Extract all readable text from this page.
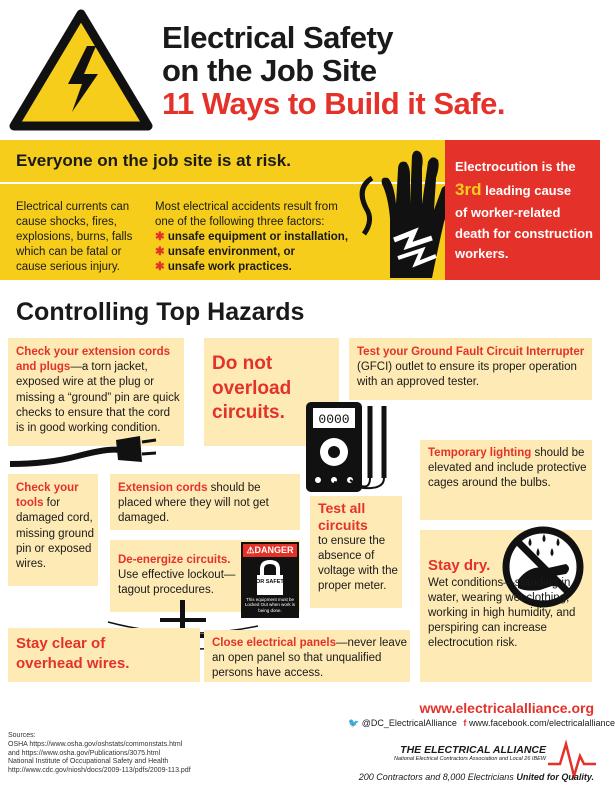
Electrical Safety
on the Job Site
11 Ways to Build it Safe.
Everyone on the job site is at risk.
Electrical currents can cause shocks, fires, explosions, burns, falls which can be fatal or cause serious injury.
Most electrical accidents result from one of the following three factors:
✱ unsafe equipment or installation,
✱ unsafe environment, or
✱ unsafe work practices.
Electrocution is the
3rd leading cause
of worker-related
death for construction
workers.
Controlling Top Hazards
Check your extension cords and plugs—a torn jacket, exposed wire at the plug or missing a “ground” pin are quick checks to ensure that the cord is in good working condition.
Do not overload circuits.
Test your Ground Fault Circuit Interrupter (GFCI) outlet to ensure its proper operation with an approved tester.
0000
Temporary lighting should be elevated and include protective cages around the bulbs.
Check your tools for damaged cord, missing ground pin or exposed wires.
Extension cords should be placed where they will not get damaged.
Test all circuits
to ensure the absence of voltage with the proper meter.
De-energize circuits.
Use effective lockout—tagout procedures.
⚠DANGER
FOR SAFETY
This equipment must be Locked Out when work is being done.
Stay dry.
Wet conditions—standing in water, wearing wet clothing, working in high humidity, and perspiring can increase electrocution risk.
Stay clear of overhead wires.
Close electrical panels—never leave an open panel so that unqualified persons have access.
www.electricalalliance.org
🐦 @DC_ElectricalAlliance f www.facebook.com/electricalalliance
Sources:
OSHA https://www.osha.gov/oshstats/commonstats.html
and https://www.osha.gov/Publications/3075.html
National Institute of Occupational Safety and Health
http://www.cdc.gov/niosh/docs/2009-113/pdfs/2009-113.pdf
THE ELECTRICAL ALLIANCE
National Electrical Contractors Association and Local 26 IBEW
200 Contractors and 8,000 Electricians United for Quality.
